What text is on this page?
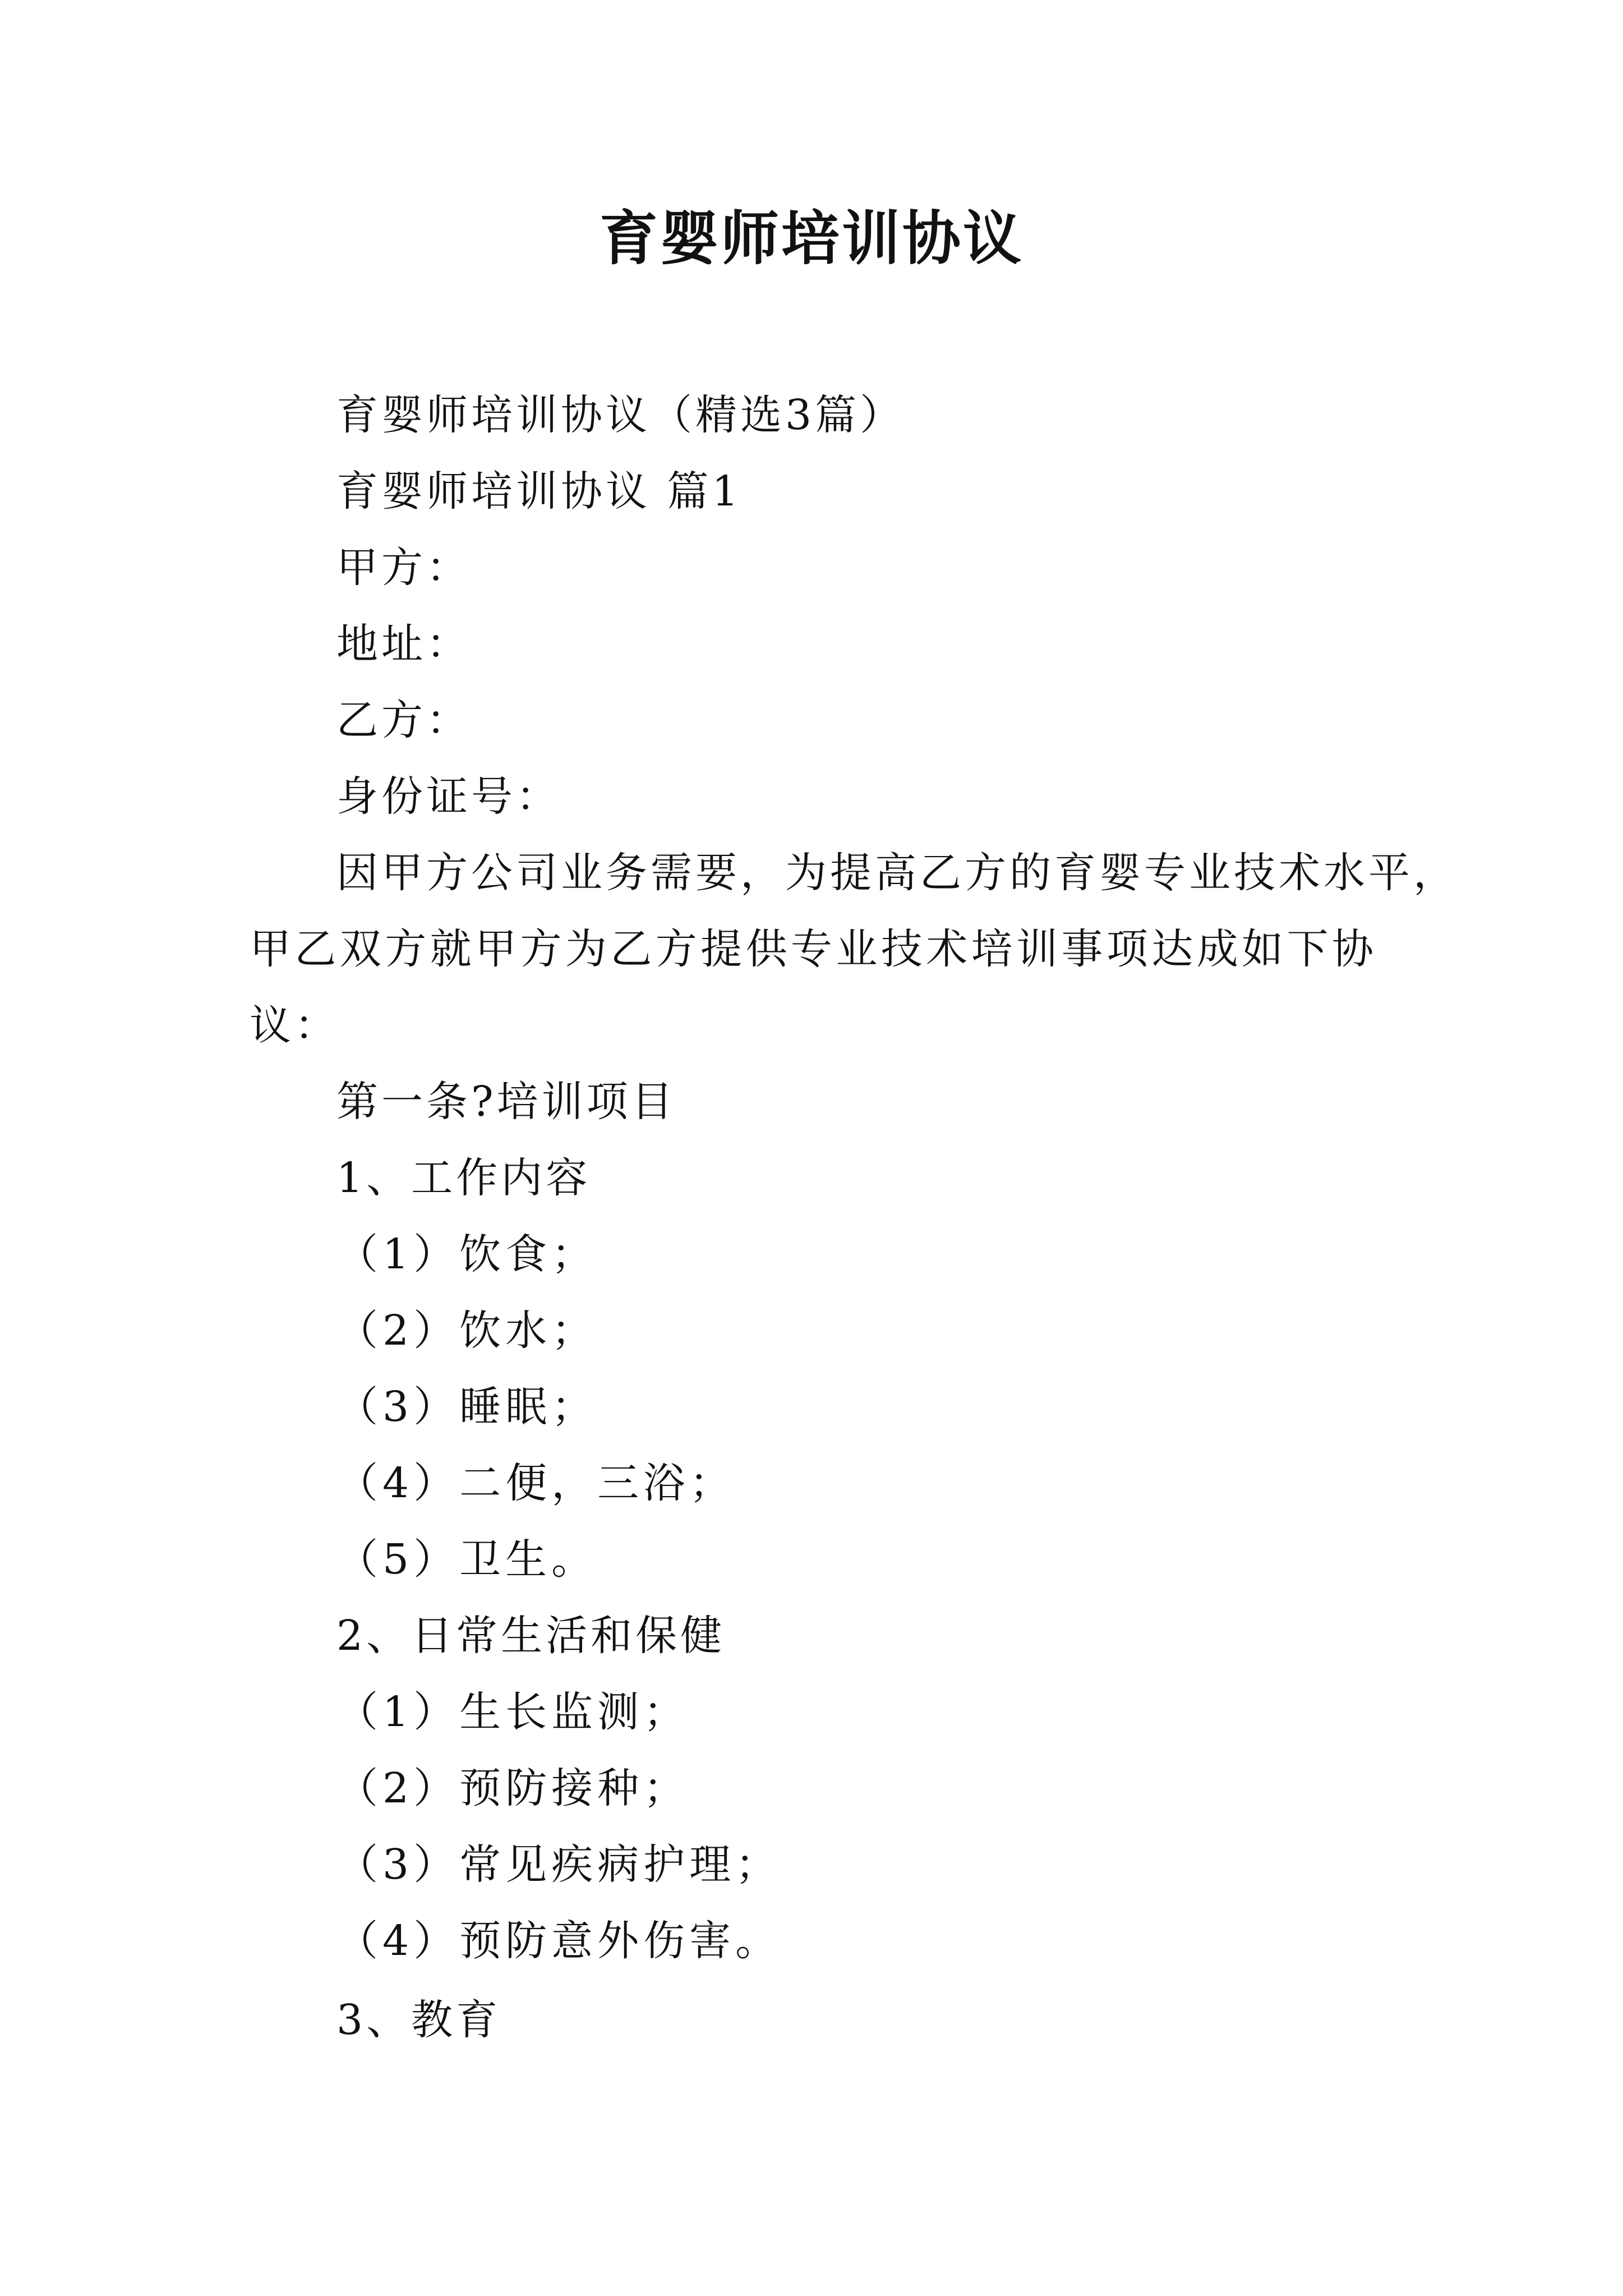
育婴师培训协议
育婴师培训协议（精选3篇）
育婴师培训协议 篇1
甲方：
地址：
乙方：
身份证号：
因甲方公司业务需要，为提高乙方的育婴专业技术水平，
甲乙双方就甲方为乙方提供专业技术培训事项达成如下协
议：
第一条?培训项目
1、工作内容
（1）饮食；
（2）饮水；
（3）睡眠；
（4）二便，三浴；
（5）卫生。
2、日常生活和保健
（1）生长监测；
（2）预防接种；
（3）常见疾病护理；
（4）预防意外伤害。
3、教育
